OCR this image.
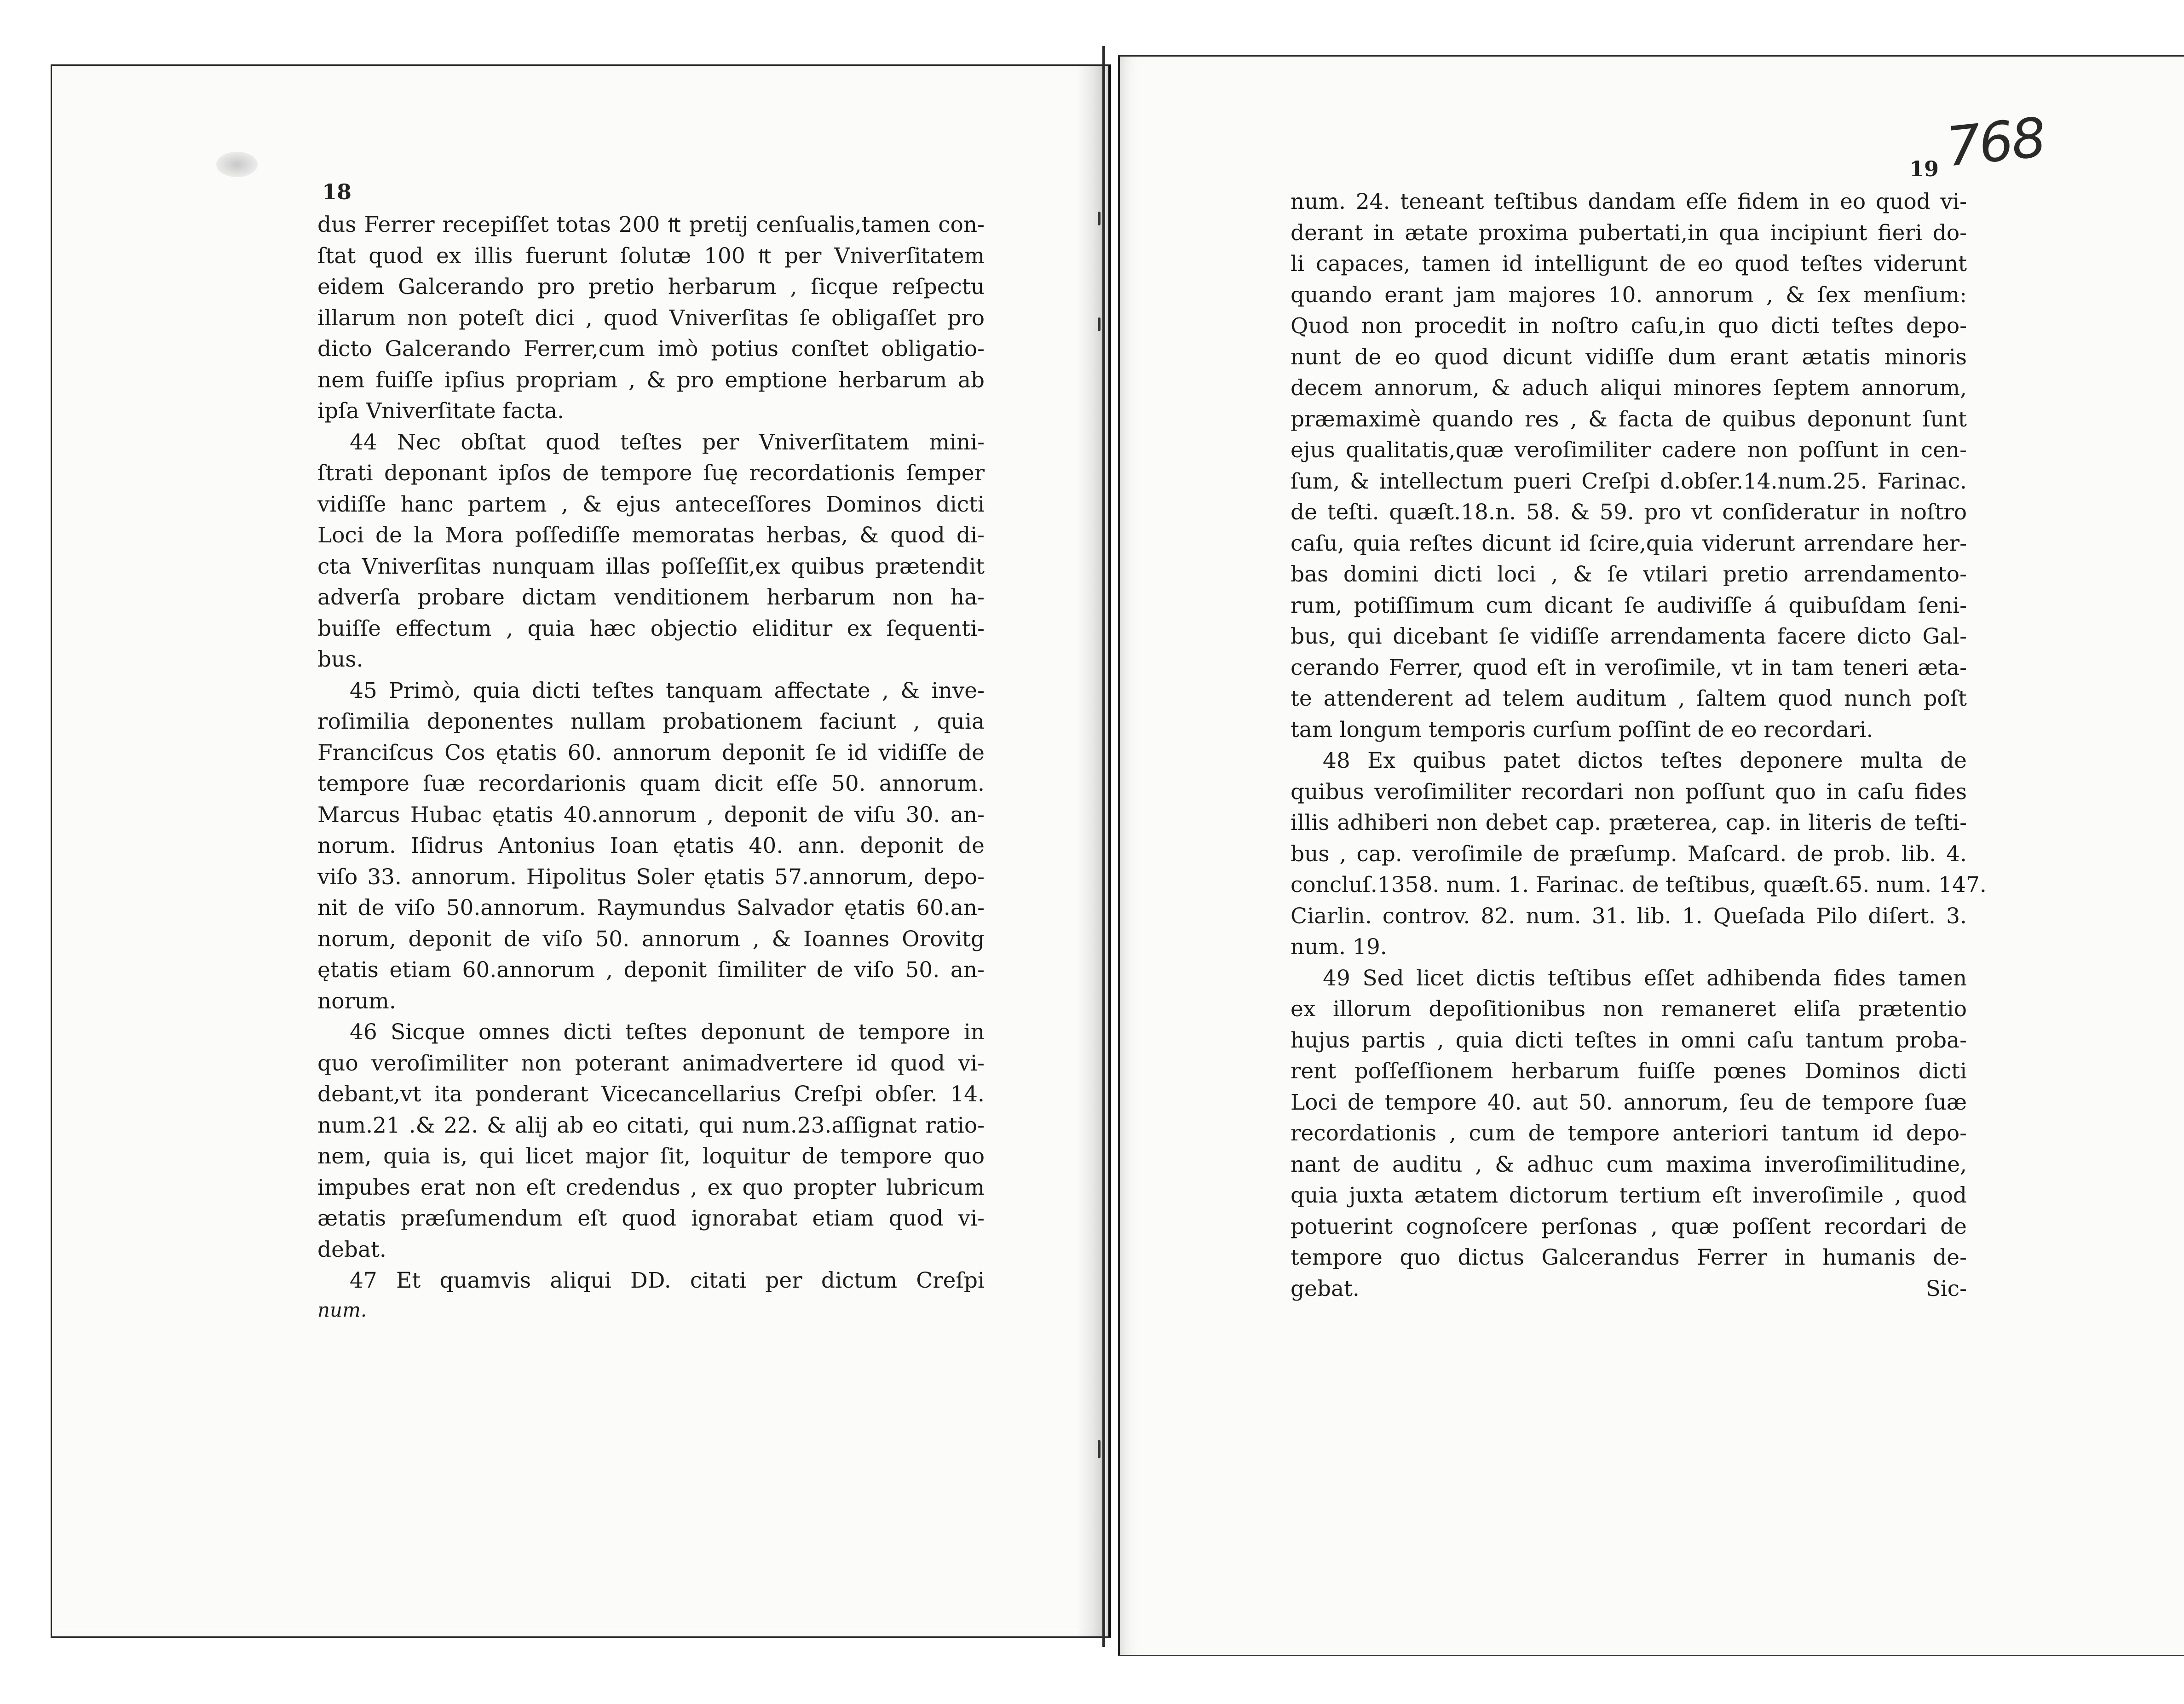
768
18
19
dus Ferrer recepiſſet totas 200 ₶ pretij cenſualis,tamen con-
ſtat quod ex illis fuerunt ſolutæ 100 ₶ per Vniverſitatem
eidem Galcerando pro pretio herbarum , ſicque reſpectu
illarum non poteſt dici , quod Vniverſitas ſe obligaſſet pro
dicto Galcerando Ferrer,cum imò potius conſtet obligatio-
nem fuiſſe ipſius propriam , & pro emptione herbarum ab
ipſa Vniverſitate facta.
44 Nec obſtat quod teſtes per Vniverſitatem mini-
ſtrati deponant ipſos de tempore ſuę recordationis ſemper
vidiſſe hanc partem , & ejus anteceſſores Dominos dicti
Loci de la Mora poſſediſſe memoratas herbas, & quod di-
cta Vniverſitas nunquam illas poſſeſſit,ex quibus prætendit
adverſa probare dictam venditionem herbarum non ha-
buiſſe effectum , quia hæc objectio eliditur ex ſequenti-
bus.
45 Primò, quia dicti teſtes tanquam affectate , & inve-
roſimilia deponentes nullam probationem faciunt , quia
Franciſcus Cos ętatis 60. annorum deponit ſe id vidiſſe de
tempore ſuæ recordarionis quam dicit eſſe 50. annorum.
Marcus Hubac ętatis 40.annorum , deponit de viſu 30. an-
norum. Iſidrus Antonius Ioan ętatis 40. ann. deponit de
viſo 33. annorum. Hipolitus Soler ętatis 57.annorum, depo-
nit de viſo 50.annorum. Raymundus Salvador ętatis 60.an-
norum, deponit de viſo 50. annorum , & Ioannes Orovitg
ętatis etiam 60.annorum , deponit ſimiliter de viſo 50. an-
norum.
46 Sicque omnes dicti teſtes deponunt de tempore in
quo veroſimiliter non poterant animadvertere id quod vi-
debant,vt ita ponderant Vicecancellarius Creſpi obſer. 14.
num.21 .& 22. & alij ab eo citati, qui num.23.aſſignat ratio-
nem, quia is, qui licet major ſit, loquitur de tempore quo
impubes erat non eſt credendus , ex quo propter lubricum
ætatis præſumendum eſt quod ignorabat etiam quod vi-
debat.
47 Et quamvis aliqui DD. citati per dictum Creſpi
num.
num. 24. teneant teſtibus dandam eſſe fidem in eo quod vi-
derant in ætate proxima pubertati,in qua incipiunt fieri do-
li capaces, tamen id intelligunt de eo quod teſtes viderunt
quando erant jam majores 10. annorum , & ſex menſium:
Quod non procedit in noſtro caſu,in quo dicti teſtes depo-
nunt de eo quod dicunt vidiſſe dum erant ætatis minoris
decem annorum, & aduch aliqui minores ſeptem annorum,
præmaximè quando res , & facta de quibus deponunt ſunt
ejus qualitatis,quæ veroſimiliter cadere non poſſunt in cen-
ſum, & intellectum pueri Creſpi d.obſer.14.num.25. Farinac.
de teſti. quæſt.18.n. 58. & 59. pro vt conſideratur in noſtro
caſu, quia reſtes dicunt id ſcire,quia viderunt arrendare her-
bas domini dicti loci , & ſe vtilari pretio arrendamento-
rum, potiſſimum cum dicant ſe audiviſſe á quibuſdam ſeni-
bus, qui dicebant ſe vidiſſe arrendamenta facere dicto Gal-
cerando Ferrer, quod eſt in veroſimile, vt in tam teneri æta-
te attenderent ad telem auditum , ſaltem quod nunch poſt
tam longum temporis curſum poſſint de eo recordari.
48 Ex quibus patet dictos teſtes deponere multa de
quibus veroſimiliter recordari non poſſunt quo in caſu fides
illis adhiberi non debet cap. præterea, cap. in literis de teſti-
bus , cap. veroſimile de præſump. Maſcard. de prob. lib. 4.
concluſ.1358. num. 1. Farinac. de teſtibus, quæſt.65. num. 147.
Ciarlin. controv. 82. num. 31. lib. 1. Queſada Pilo diſert. 3.
num. 19.
49 Sed licet dictis teſtibus eſſet adhibenda fides tamen
ex illorum depoſitionibus non remaneret eliſa prætentio
hujus partis , quia dicti teſtes in omni caſu tantum proba-
rent poſſeſſionem herbarum fuiſſe pœnes Dominos dicti
Loci de tempore 40. aut 50. annorum, ſeu de tempore ſuæ
recordationis , cum de tempore anteriori tantum id depo-
nant de auditu , & adhuc cum maxima inveroſimilitudine,
quia juxta ætatem dictorum tertium eſt inveroſimile , quod
potuerint cognoſcere perſonas , quæ poſſent recordari de
tempore quo dictus Galcerandus Ferrer in humanis de-
gebat.	Sic-
